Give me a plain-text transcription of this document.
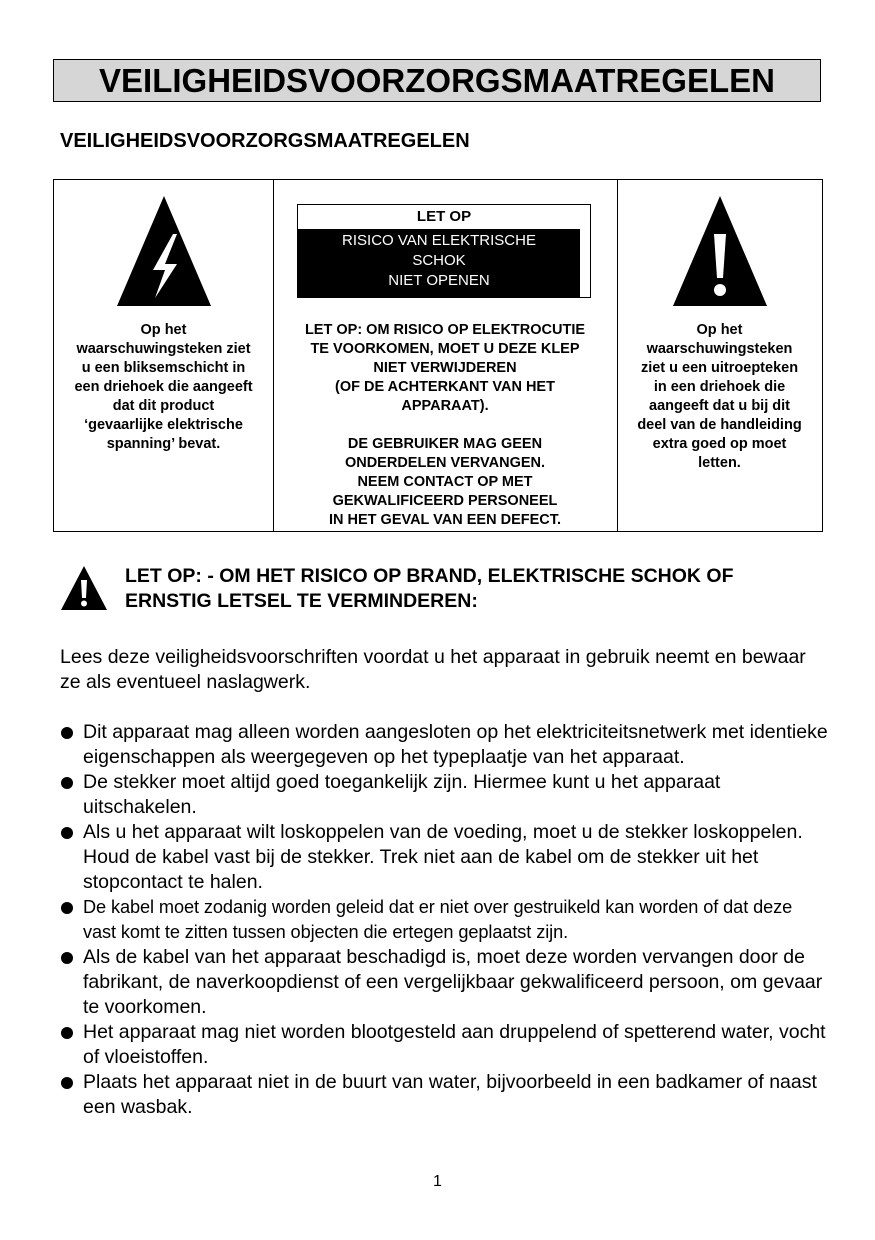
VEILIGHEIDSVOORZORGSMAATREGELEN
VEILIGHEIDSVOORZORGSMAATREGELEN

Op het
waarschuwingsteken ziet
u een bliksemschicht in
een driehoek die aangeeft
dat dit product
‘gevaarlijke elektrische
spanning’ bevat.

LET OP
RISICO VAN ELEKTRISCHE
SCHOK
NIET OPENEN

LET OP: OM RISICO OP ELEKTROCUTIE
TE VOORKOMEN, MOET U DEZE KLEP
NIET VERWIJDEREN
(OF DE ACHTERKANT VAN HET
APPARAAT).

DE GEBRUIKER MAG GEEN
ONDERDELEN VERVANGEN.
NEEM CONTACT OP MET
GEKWALIFICEERD PERSONEEL
IN HET GEVAL VAN EEN DEFECT.

Op het
waarschuwingsteken
ziet u een uitroepteken
in een driehoek die
aangeeft dat u bij dit
deel van de handleiding
extra goed op moet
letten.

LET OP: - OM HET RISICO OP BRAND, ELEKTRISCHE SCHOK OF ERNSTIG LETSEL TE VERMINDEREN:
Lees deze veiligheidsvoorschriften voordat u het apparaat in gebruik neemt en bewaar ze als eventueel naslagwerk.
Dit apparaat mag alleen worden aangesloten op het elektriciteitsnetwerk met identieke eigenschappen als weergegeven op het typeplaatje van het apparaat.
De stekker moet altijd goed toegankelijk zijn. Hiermee kunt u het apparaat uitschakelen.
Als u het apparaat wilt loskoppelen van de voeding, moet u de stekker loskoppelen. Houd de kabel vast bij de stekker. Trek niet aan de kabel om de stekker uit het stopcontact te halen.
De kabel moet zodanig worden geleid dat er niet over gestruikeld kan worden of dat deze vast komt te zitten tussen objecten die ertegen geplaatst zijn.
Als de kabel van het apparaat beschadigd is, moet deze worden vervangen door de fabrikant, de naverkoopdienst of een vergelijkbaar gekwalificeerd persoon, om gevaar te voorkomen.
Het apparaat mag niet worden blootgesteld aan druppelend of spetterend water, vocht of vloeistoffen.
Plaats het apparaat niet in de buurt van water, bijvoorbeeld in een badkamer of naast een wasbak.
1
